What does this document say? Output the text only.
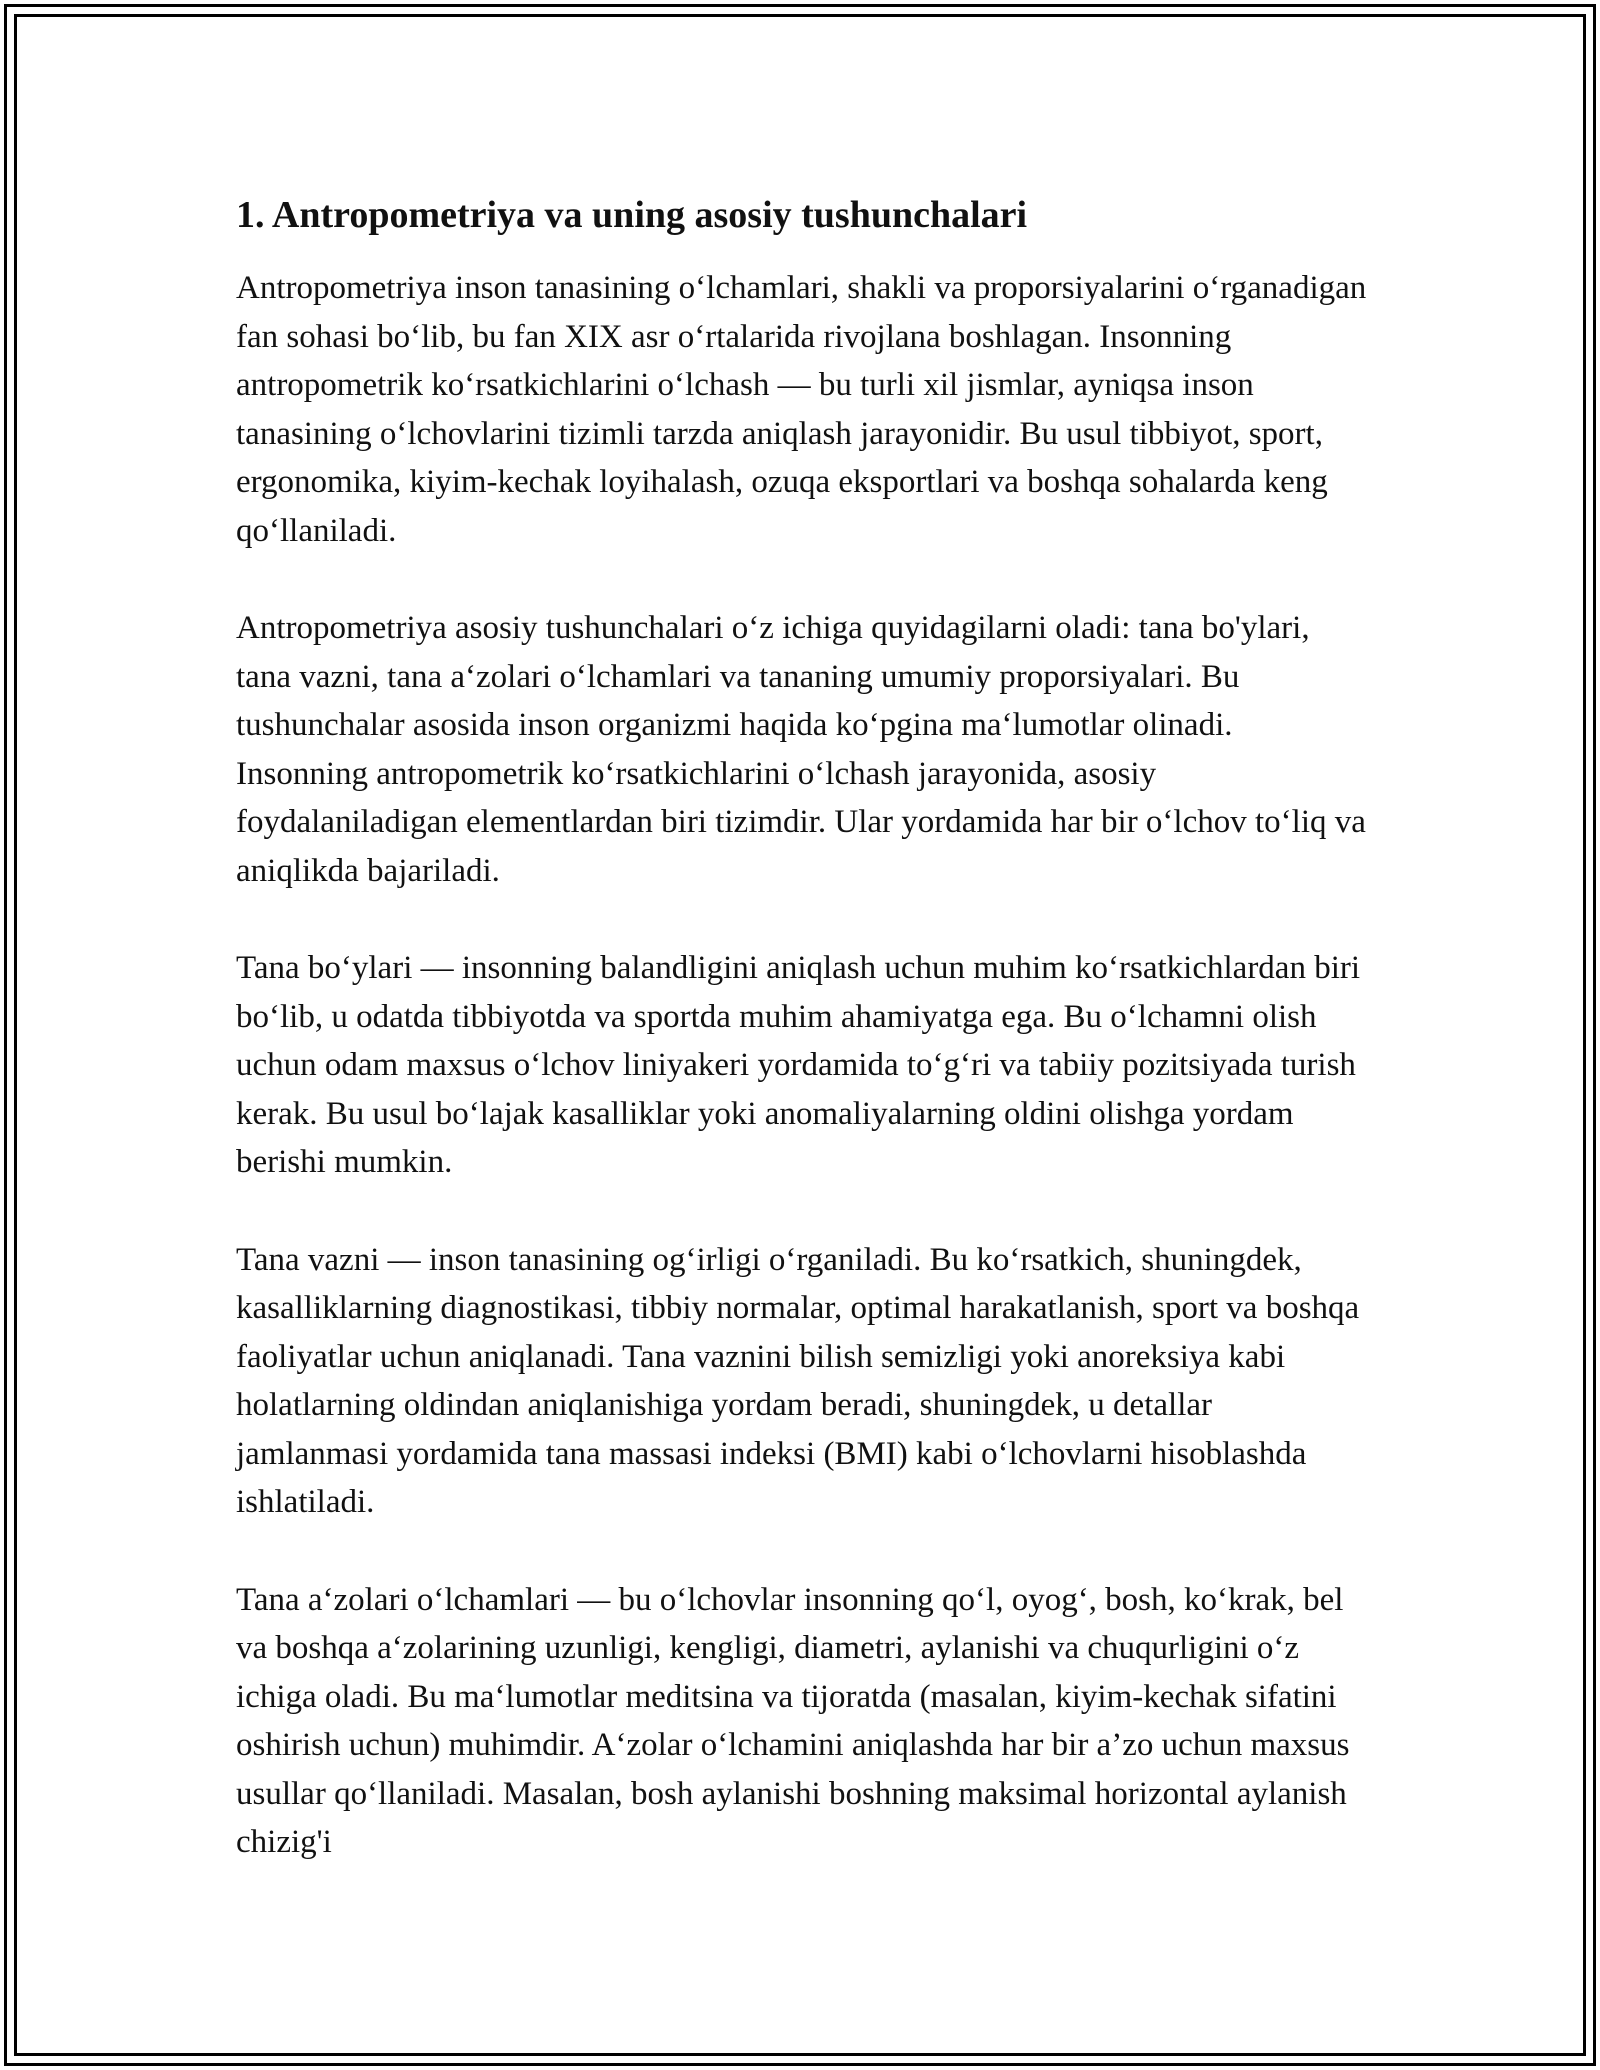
1. Antropometriya va uning asosiy tushunchalari

Antropometriya inson tanasining oʻlchamlari, shakli va proporsiyalarini oʻrganadigan fan sohasi boʻlib, bu fan XIX asr oʻrtalarida rivojlana boshlagan. Insonning antropometrik koʻrsatkichlarini oʻlchash — bu turli xil jismlar, ayniqsa inson tanasining oʻlchovlarini tizimli tarzda aniqlash jarayonidir. Bu usul tibbiyot, sport, ergonomika, kiyim-kechak loyihalash, ozuqa eksportlari va boshqa sohalarda keng qoʻllaniladi.

Antropometriya asosiy tushunchalari oʻz ichiga quyidagilarni oladi: tana bo'ylari, tana vazni, tana aʻzolari oʻlchamlari va tananing umumiy proporsiyalari. Bu tushunchalar asosida inson organizmi haqida koʻpgina maʻlumotlar olinadi. Insonning antropometrik koʻrsatkichlarini oʻlchash jarayonida, asosiy foydalaniladigan elementlardan biri tizimdir. Ular yordamida har bir oʻlchov toʻliq va aniqlikda bajariladi.

Tana boʻylari — insonning balandligini aniqlash uchun muhim koʻrsatkichlardan biri boʻlib, u odatda tibbiyotda va sportda muhim ahamiyatga ega. Bu oʻlchamni olish uchun odam maxsus oʻlchov liniyakeri yordamida toʻgʻri va tabiiy pozitsiyada turish kerak. Bu usul boʻlajak kasalliklar yoki anomaliyalarning oldini olishga yordam berishi mumkin.

Tana vazni — inson tanasining ogʻirligi oʻrganiladi. Bu koʻrsatkich, shuningdek, kasalliklarning diagnostikasi, tibbiy normalar, optimal harakatlanish, sport va boshqa faoliyatlar uchun aniqlanadi. Tana vaznini bilish semizligi yoki anoreksiya kabi holatlarning oldindan aniqlanishiga yordam beradi, shuningdek, u detallar jamlanmasi yordamida tana massasi indeksi (BMI) kabi oʻlchovlarni hisoblashda ishlatiladi.

Tana aʻzolari oʻlchamlari — bu oʻlchovlar insonning qoʻl, oyogʻ, bosh, koʻkrak, bel va boshqa aʻzolarining uzunligi, kengligi, diametri, aylanishi va chuqurligini oʻz ichiga oladi. Bu maʻlumotlar meditsina va tijoratda (masalan, kiyim-kechak sifatini oshirish uchun) muhimdir. Aʻzolar oʻlchamini aniqlashda har bir a’zo uchun maxsus usullar qoʻllaniladi. Masalan, bosh aylanishi boshning maksimal horizontal aylanish chizig'i
